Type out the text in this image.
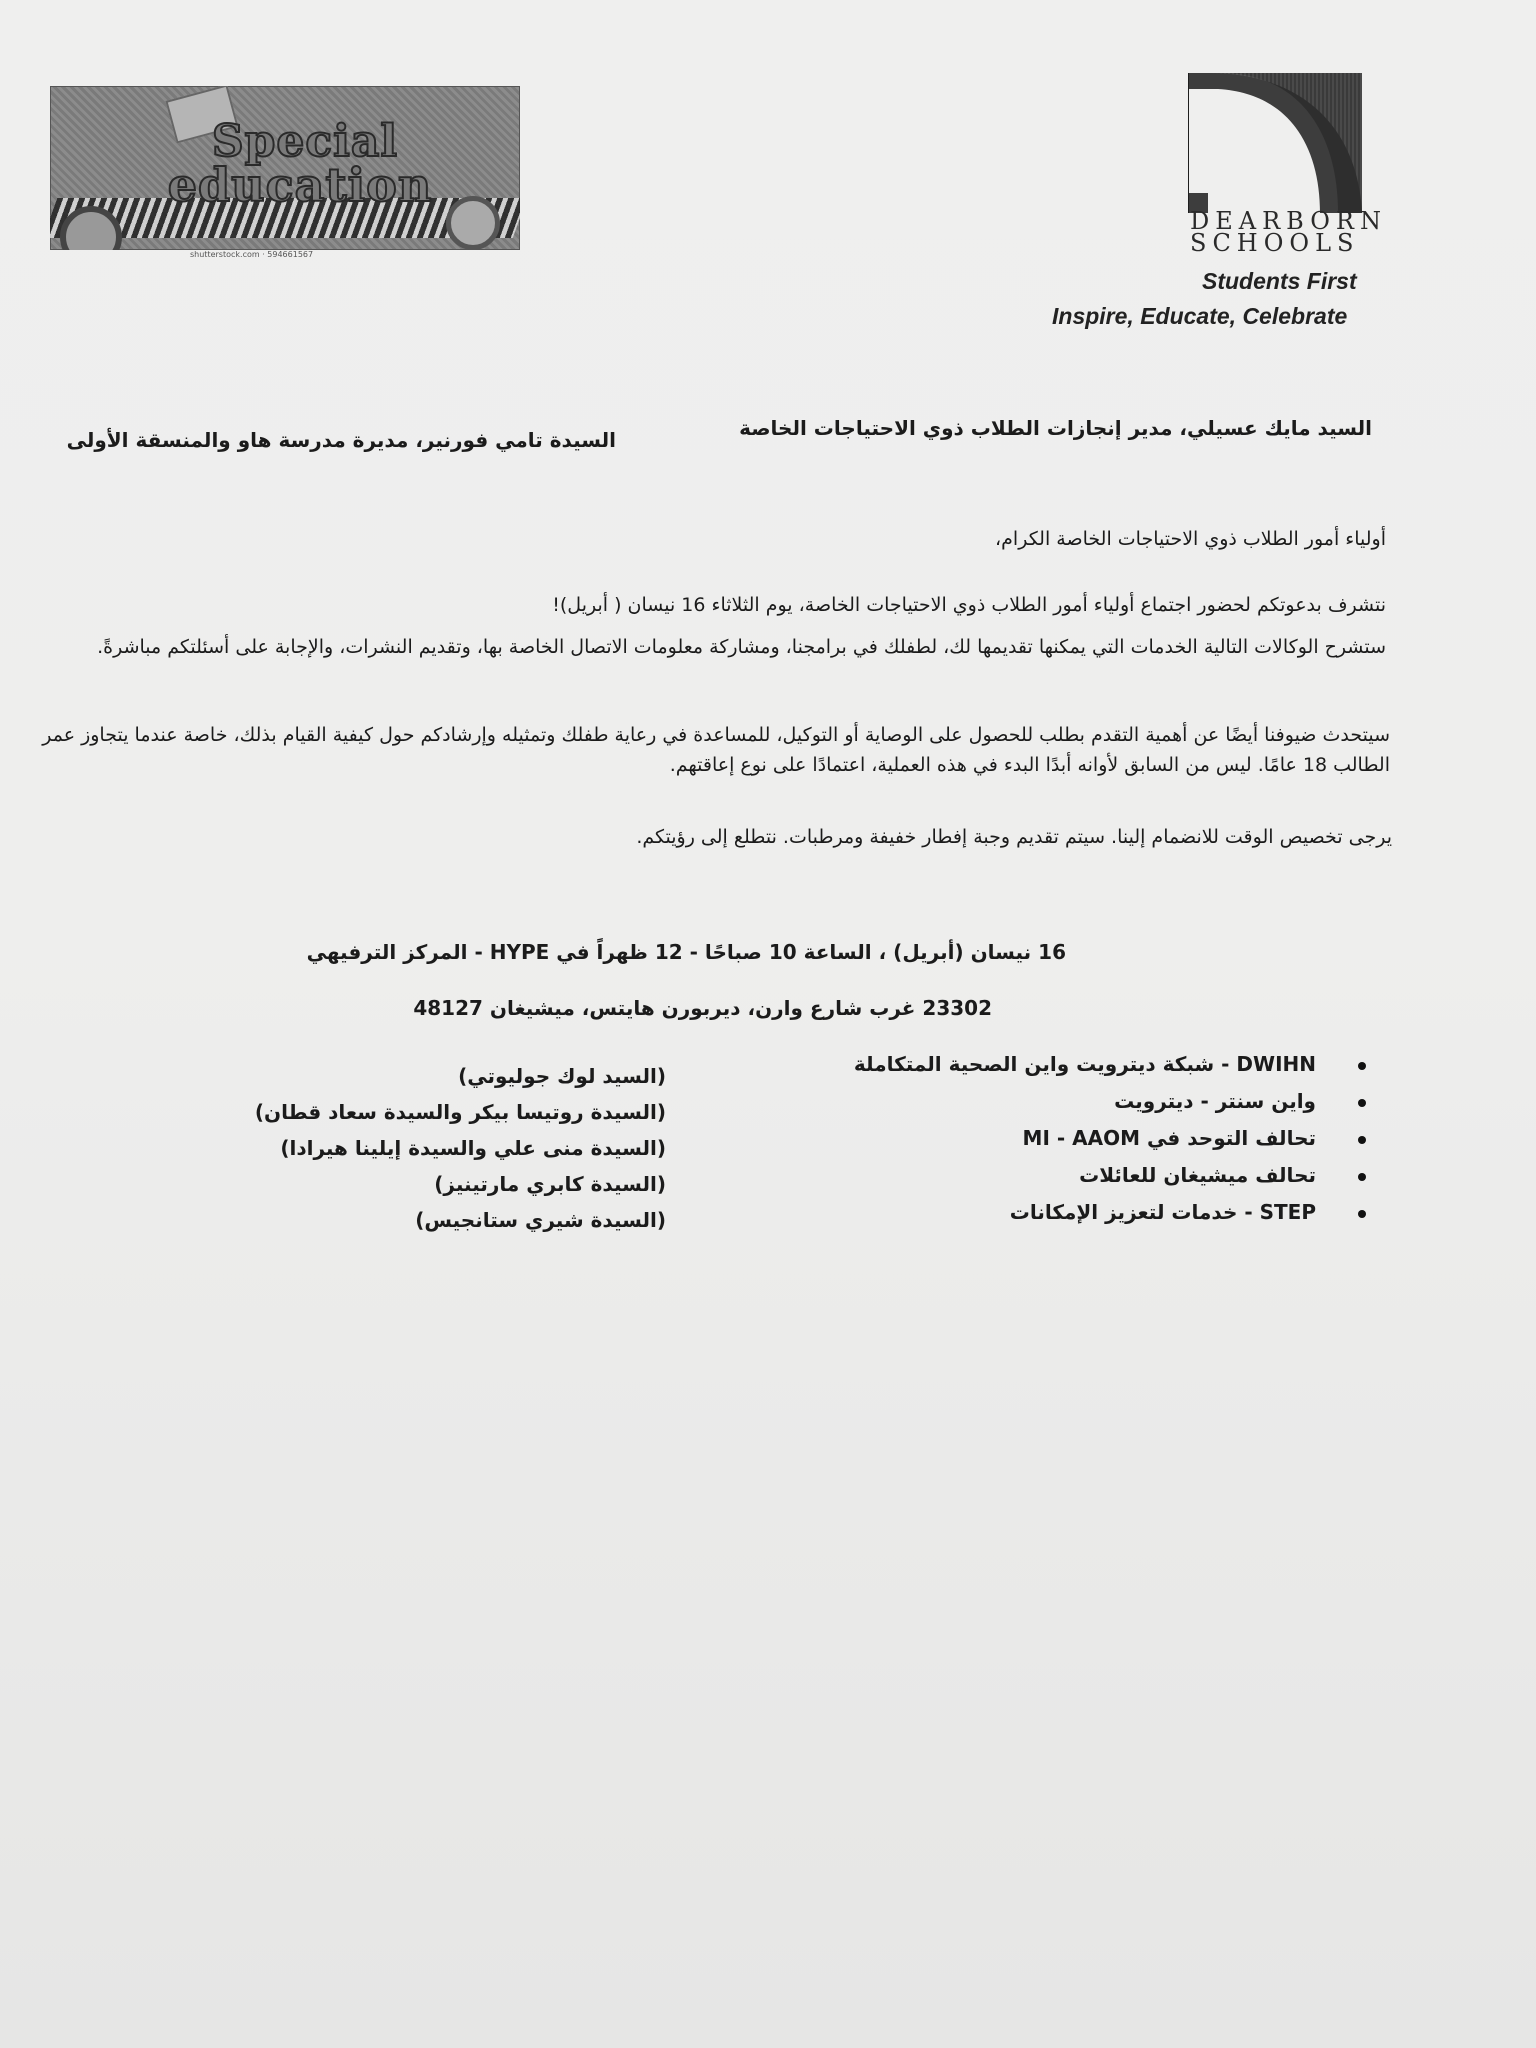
Special
education
shutterstock.com · 594661567
DEARBORN
SCHOOLS
Students First
Inspire, Educate, Celebrate
السيد مايك عسيلي، مدير إنجازات الطلاب ذوي الاحتياجات الخاصة
السيدة تامي فورنير، مديرة مدرسة هاو والمنسقة الأولى
أولياء أمور الطلاب ذوي الاحتياجات الخاصة الكرام،
نتشرف بدعوتكم لحضور اجتماع أولياء أمور الطلاب ذوي الاحتياجات الخاصة، يوم الثلاثاء 16 نيسان ( أبريل)!
ستشرح الوكالات التالية الخدمات التي يمكنها تقديمها لك، لطفلك في برامجنا، ومشاركة معلومات الاتصال الخاصة بها، وتقديم النشرات، والإجابة على أسئلتكم مباشرةً.
سيتحدث ضيوفنا أيضًا عن أهمية التقدم بطلب للحصول على الوصاية أو التوكيل، للمساعدة في رعاية طفلك وتمثيله وإرشادكم حول كيفية القيام بذلك، خاصة عندما يتجاوز عمر الطالب 18 عامًا. ليس من السابق لأوانه أبدًا البدء في هذه العملية، اعتمادًا على نوع إعاقتهم.
يرجى تخصيص الوقت للانضمام إلينا. سيتم تقديم وجبة إفطار خفيفة ومرطبات. نتطلع إلى رؤيتكم.
16 نيسان (أبريل) ، الساعة 10 صباحًا - 12 ظهراً في HYPE - المركز الترفيهي
23302 غرب شارع وارن، ديربورن هايتس، ميشيغان 48127
DWIHN - شبكة ديترويت واين الصحية المتكاملة
واين سنتر - ديترويت
تحالف التوحد في MI - AAOM
تحالف ميشيغان للعائلات
STEP - خدمات لتعزيز الإمكانات
(السيد لوك جوليوتي)
(السيدة روتيسا بيكر والسيدة سعاد قطان)
(السيدة منى علي والسيدة إيلينا هيرادا)
(السيدة كابري مارتينيز)
(السيدة شيري ستانجيس)
